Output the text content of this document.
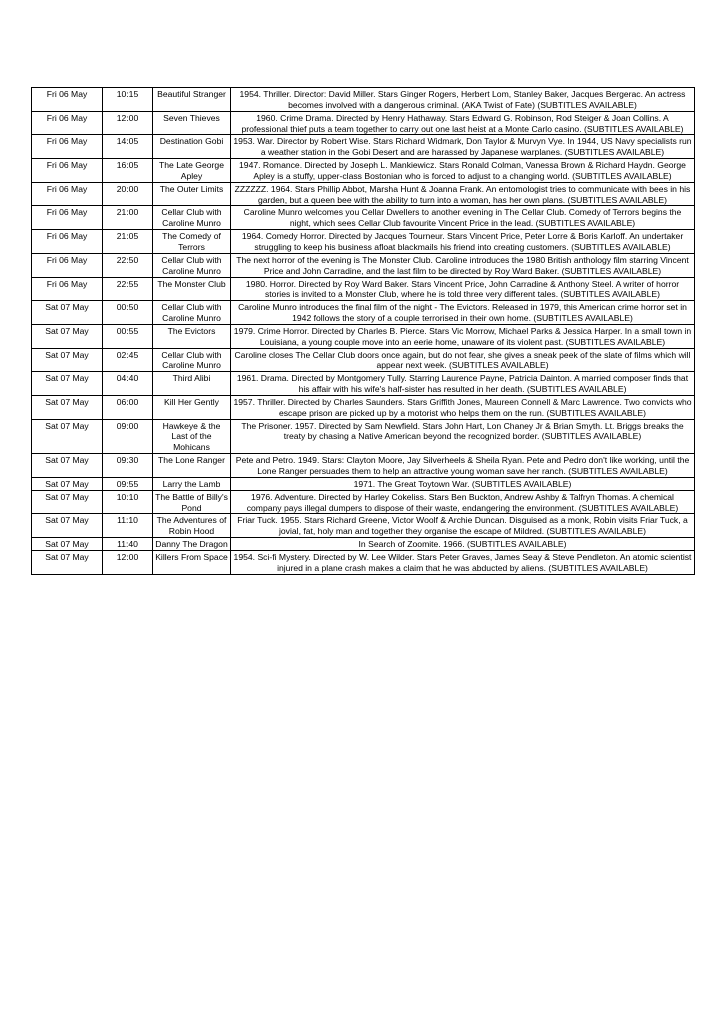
Fri 06 May	10:15	Beautiful Stranger	1954. Thriller. Director: David Miller. Stars Ginger Rogers, Herbert Lom, Stanley Baker, Jacques Bergerac. An actress becomes involved with a dangerous criminal. (AKA Twist of Fate) (SUBTITLES AVAILABLE)
Fri 06 May	12:00	Seven Thieves	1960. Crime Drama. Directed by Henry Hathaway. Stars Edward G. Robinson, Rod Steiger & Joan Collins. A professional thief puts a team together to carry out one last heist at a Monte Carlo casino. (SUBTITLES AVAILABLE)
Fri 06 May	14:05	Destination Gobi	1953. War. Director by Robert Wise. Stars Richard Widmark, Don Taylor & Murvyn Vye. In 1944, US Navy specialists run a weather station in the Gobi Desert and are harassed by Japanese warplanes. (SUBTITLES AVAILABLE)
Fri 06 May	16:05	The Late George Apley	1947. Romance. Directed by Joseph L. Mankiewicz. Stars Ronald Colman, Vanessa Brown & Richard Haydn. George Apley is a stuffy, upper-class Bostonian who is forced to adjust to a changing world. (SUBTITLES AVAILABLE)
Fri 06 May	20:00	The Outer Limits	ZZZZZZ. 1964. Stars Phillip Abbot, Marsha Hunt & Joanna Frank. An entomologist tries to communicate with bees in his garden, but a queen bee with the ability to turn into a woman, has her own plans. (SUBTITLES AVAILABLE)
Fri 06 May	21:00	Cellar Club with Caroline Munro	Caroline Munro welcomes you Cellar Dwellers to another evening in The Cellar Club. Comedy of Terrors begins the night, which sees Cellar Club favourite Vincent Price in the lead. (SUBTITLES AVAILABLE)
Fri 06 May	21:05	The Comedy of Terrors	1964. Comedy Horror. Directed by Jacques Tourneur. Stars Vincent Price, Peter Lorre & Boris Karloff. An undertaker struggling to keep his business afloat blackmails his friend into creating customers. (SUBTITLES AVAILABLE)
Fri 06 May	22:50	Cellar Club with Caroline Munro	The next horror of the evening is The Monster Club. Caroline introduces the 1980 British anthology film starring Vincent Price and John Carradine, and the last film to be directed by Roy Ward Baker. (SUBTITLES AVAILABLE)
Fri 06 May	22:55	The Monster Club	1980. Horror. Directed by Roy Ward Baker. Stars Vincent Price, John Carradine & Anthony Steel. A writer of horror stories is invited to a Monster Club, where he is told three very different tales. (SUBTITLES AVAILABLE)
Sat 07 May	00:50	Cellar Club with Caroline Munro	Caroline Munro introduces the final film of the night - The Evictors. Released in 1979, this American crime horror set in 1942 follows the story of a couple terrorised in their own home. (SUBTITLES AVAILABLE)
Sat 07 May	00:55	The Evictors	1979. Crime Horror. Directed by Charles B. Pierce. Stars Vic Morrow, Michael Parks & Jessica Harper. In a small town in Louisiana, a young couple move into an eerie home, unaware of its violent past. (SUBTITLES AVAILABLE)
Sat 07 May	02:45	Cellar Club with Caroline Munro	Caroline closes The Cellar Club doors once again, but do not fear, she gives a sneak peek of the slate of films which will appear next week. (SUBTITLES AVAILABLE)
Sat 07 May	04:40	Third Alibi	1961. Drama. Directed by Montgomery Tully. Starring Laurence Payne, Patricia Dainton. A married composer finds that his affair with his wife's half-sister has resulted in her death. (SUBTITLES AVAILABLE)
Sat 07 May	06:00	Kill Her Gently	1957. Thriller. Directed by Charles Saunders. Stars Griffith Jones, Maureen Connell & Marc Lawrence. Two convicts who escape prison are picked up by a motorist who helps them on the run. (SUBTITLES AVAILABLE)
Sat 07 May	09:00	Hawkeye & the Last of the Mohicans	The Prisoner. 1957. Directed by Sam Newfield. Stars John Hart, Lon Chaney Jr & Brian Smyth. Lt. Briggs breaks the treaty by chasing a Native American beyond the recognized border. (SUBTITLES AVAILABLE)
Sat 07 May	09:30	The Lone Ranger	Pete and Petro. 1949. Stars: Clayton Moore, Jay Silverheels & Sheila Ryan. Pete and Pedro don't like working, until the Lone Ranger persuades them to help an attractive young woman save her ranch. (SUBTITLES AVAILABLE)
Sat 07 May	09:55	Larry the Lamb	1971. The Great Toytown War. (SUBTITLES AVAILABLE)
Sat 07 May	10:10	The Battle of Billy's Pond	1976. Adventure. Directed by Harley Cokeliss. Stars Ben Buckton, Andrew Ashby & Talfryn Thomas. A chemical company pays illegal dumpers to dispose of their waste, endangering the environment. (SUBTITLES AVAILABLE)
Sat 07 May	11:10	The Adventures of Robin Hood	Friar Tuck. 1955. Stars Richard Greene, Victor Woolf & Archie Duncan. Disguised as a monk, Robin visits Friar Tuck, a jovial, fat, holy man and together they organise the escape of Mildred. (SUBTITLES AVAILABLE)
Sat 07 May	11:40	Danny The Dragon	In Search of Zoomite. 1966. (SUBTITLES AVAILABLE)
Sat 07 May	12:00	Killers From Space	1954. Sci-fi Mystery. Directed by W. Lee Wilder. Stars Peter Graves, James Seay & Steve Pendleton. An atomic scientist injured in a plane crash makes a claim that he was abducted by aliens. (SUBTITLES AVAILABLE)
